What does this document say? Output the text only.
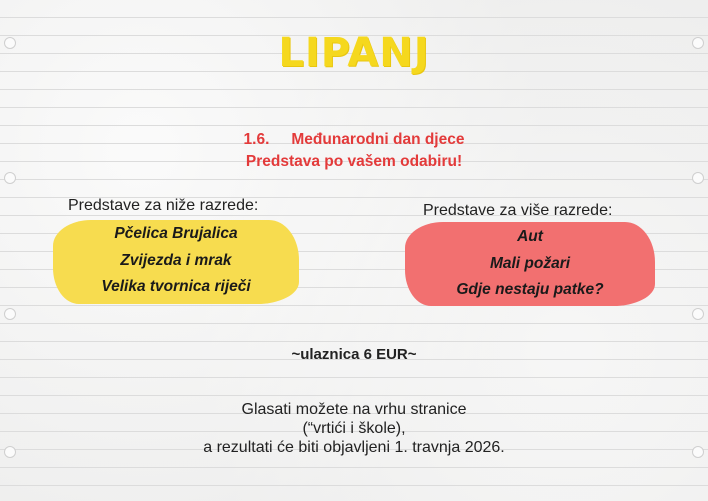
LIPANJ
1.6. Međunarodni dan djece
Predstava po vašem odabiru!
Predstave za niže razrede:
Pčelica Brujalica
Zvijezda i mrak
Velika tvornica riječi
Predstave za više razrede:
Aut
Mali požari
Gdje nestaju patke?
~ulaznica 6 EUR~
Glasati možete na vrhu stranice
(“vrtići i škole),
a rezultati će biti objavljeni 1. travnja 2026.
